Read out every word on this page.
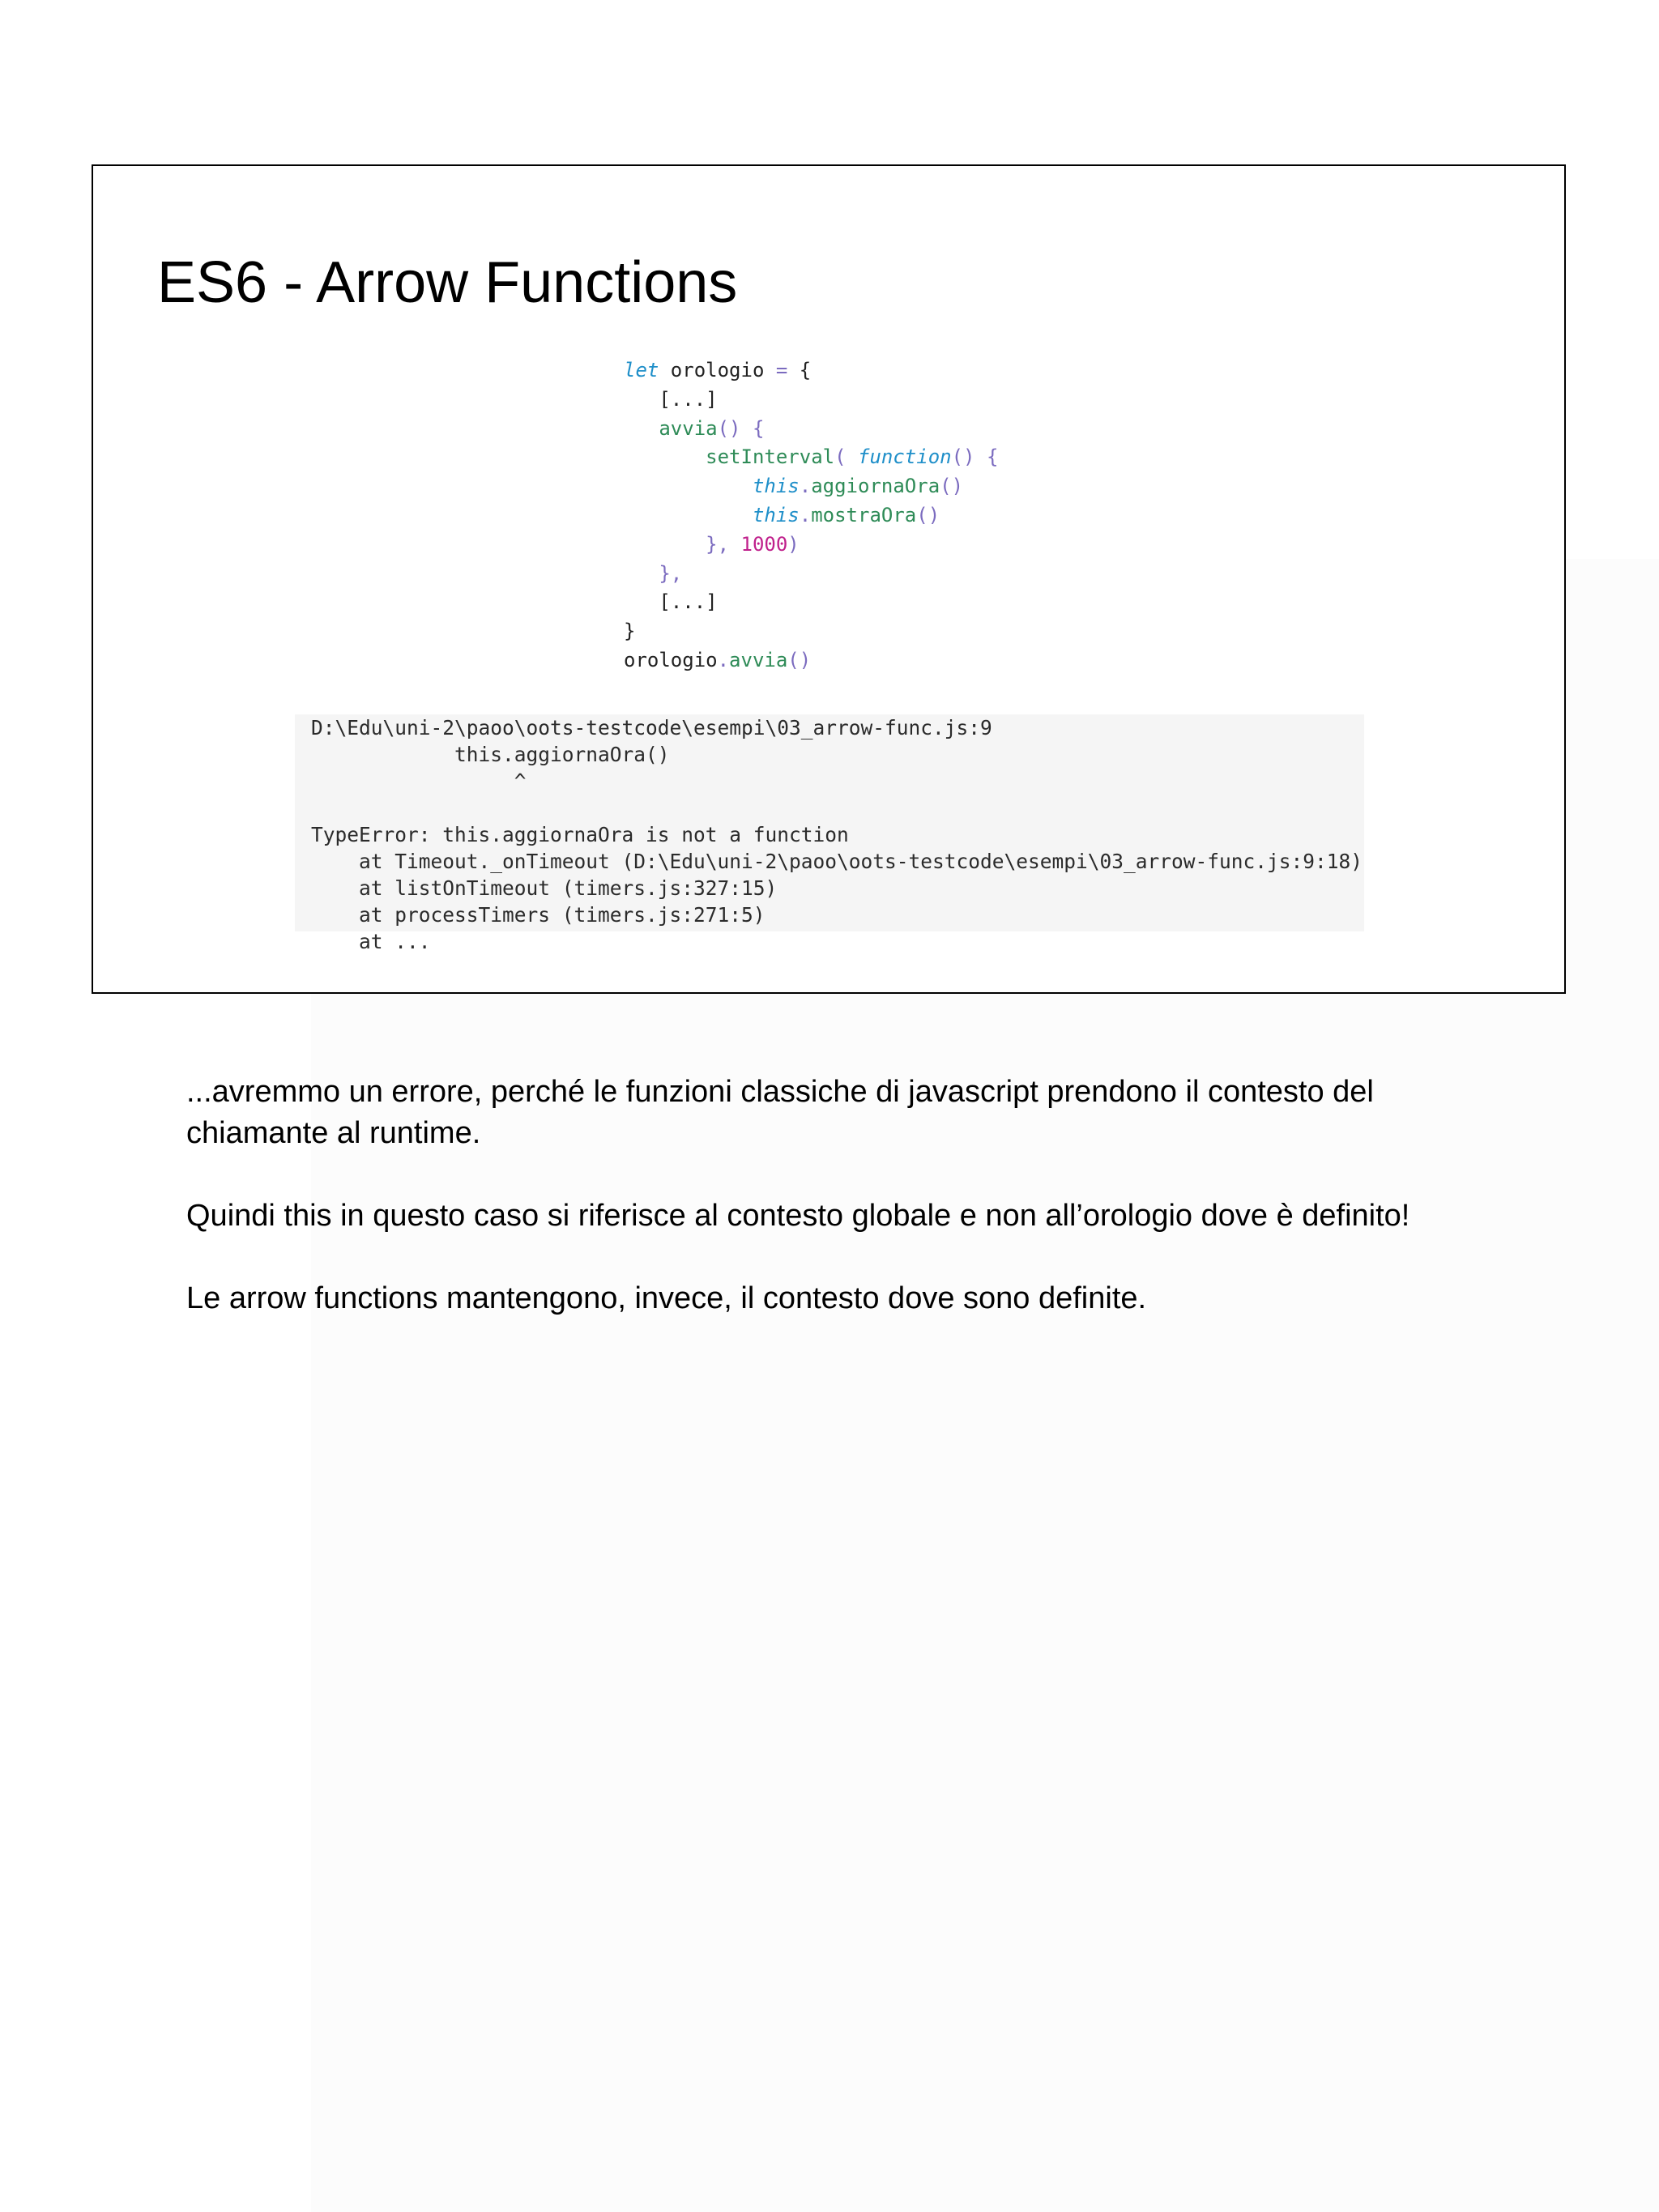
ES6 - Arrow Functions
let orologio = {
[...]
avvia() {
setInterval( function() {
this.aggiornaOra()
this.mostraOra()
}, 1000)
},
[...]
}
orologio.avvia()
D:\Edu\uni-2\paoo\oots-testcode\esempi\03_arrow-func.js:9
this.aggiornaOra()
^
TypeError: this.aggiornaOra is not a function
at Timeout._onTimeout (D:\Edu\uni-2\paoo\oots-testcode\esempi\03_arrow-func.js:9:18)
at listOnTimeout (timers.js:327:15)
at processTimers (timers.js:271:5)
at ...

...avremmo un errore, perché le funzioni classiche di javascript prendono il contesto del chiamante al runtime.

Quindi this in questo caso si riferisce al contesto globale e non all’orologio dove è definito!

Le arrow functions mantengono, invece, il contesto dove sono definite.
